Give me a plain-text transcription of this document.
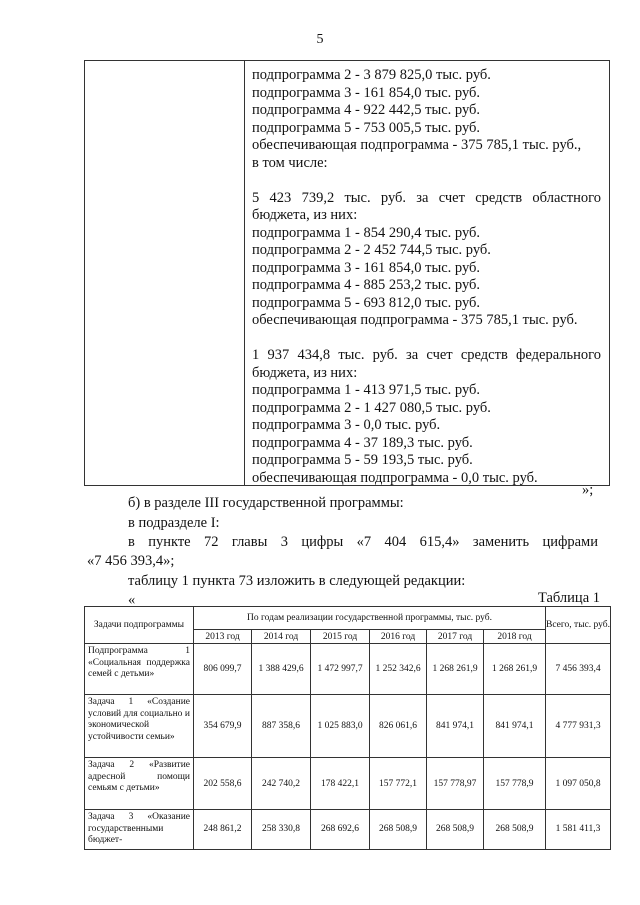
5
подпрограмма 2 - 3 879 825,0 тыс. руб.
подпрограмма 3 - 161 854,0 тыс. руб.
подпрограмма 4 - 922 442,5 тыс. руб.
подпрограмма 5 - 753 005,5 тыс. руб.
обеспечивающая подпрограмма - 375 785,1 тыс. руб.,
в том числе:
5 423 739,2 тыс. руб. за счет средств областного
бюджета, из них:
подпрограмма 1 - 854 290,4 тыс. руб.
подпрограмма 2 - 2 452 744,5 тыс. руб.
подпрограмма 3 - 161 854,0 тыс. руб.
подпрограмма 4 - 885 253,2 тыс. руб.
подпрограмма 5 - 693 812,0 тыс. руб.
обеспечивающая подпрограмма - 375 785,1 тыс. руб.
1 937 434,8 тыс. руб. за счет средств федерального
бюджета, из них:
подпрограмма 1 - 413 971,5 тыс. руб.
подпрограмма 2 - 1 427 080,5 тыс. руб.
подпрограмма 3 - 0,0 тыс. руб.
подпрограмма 4 - 37 189,3 тыс. руб.
подпрограмма 5 - 59 193,5 тыс. руб.
обеспечивающая подпрограмма - 0,0 тыс. руб.
»;
б) в разделе III государственной программы:
в подразделе I:
в пункте 72 главы 3 цифры «7 404 615,4» заменить цифрами
«7 456 393,4»;
таблицу 1 пункта 73 изложить в следующей редакции:
«	Таблица 1
Задачи подпрограммы	По годам реализации государственной программы, тыс. руб.						Всего, тыс. руб.
	2013 год	2014 год	2015 год	2016 год	2017 год	2018 год	

Подпрограмма 1 «Социальная поддержка семей с детьми»	806 099,7	1 388 429,6	1 472 997,7	1 252 342,6	1 268 261,9	1 268 261,9	7 456 393,4

Задача 1 «Создание условий для социально и экономической устойчивости семьи»	354 679,9	887 358,6	1 025 883,0	826 061,6	841 974,1	841 974,1	4 777 931,3

Задача 2 «Развитие адресной помощи семьям с детьми»	202 558,6	242 740,2	178 422,1	157 772,1	157 778,97	157 778,9	1 097 050,8

Задача 3 «Оказание государственными бюджет-	248 861,2	258 330,8	268 692,6	268 508,9	268 508,9	268 508,9	1 581 411,3
